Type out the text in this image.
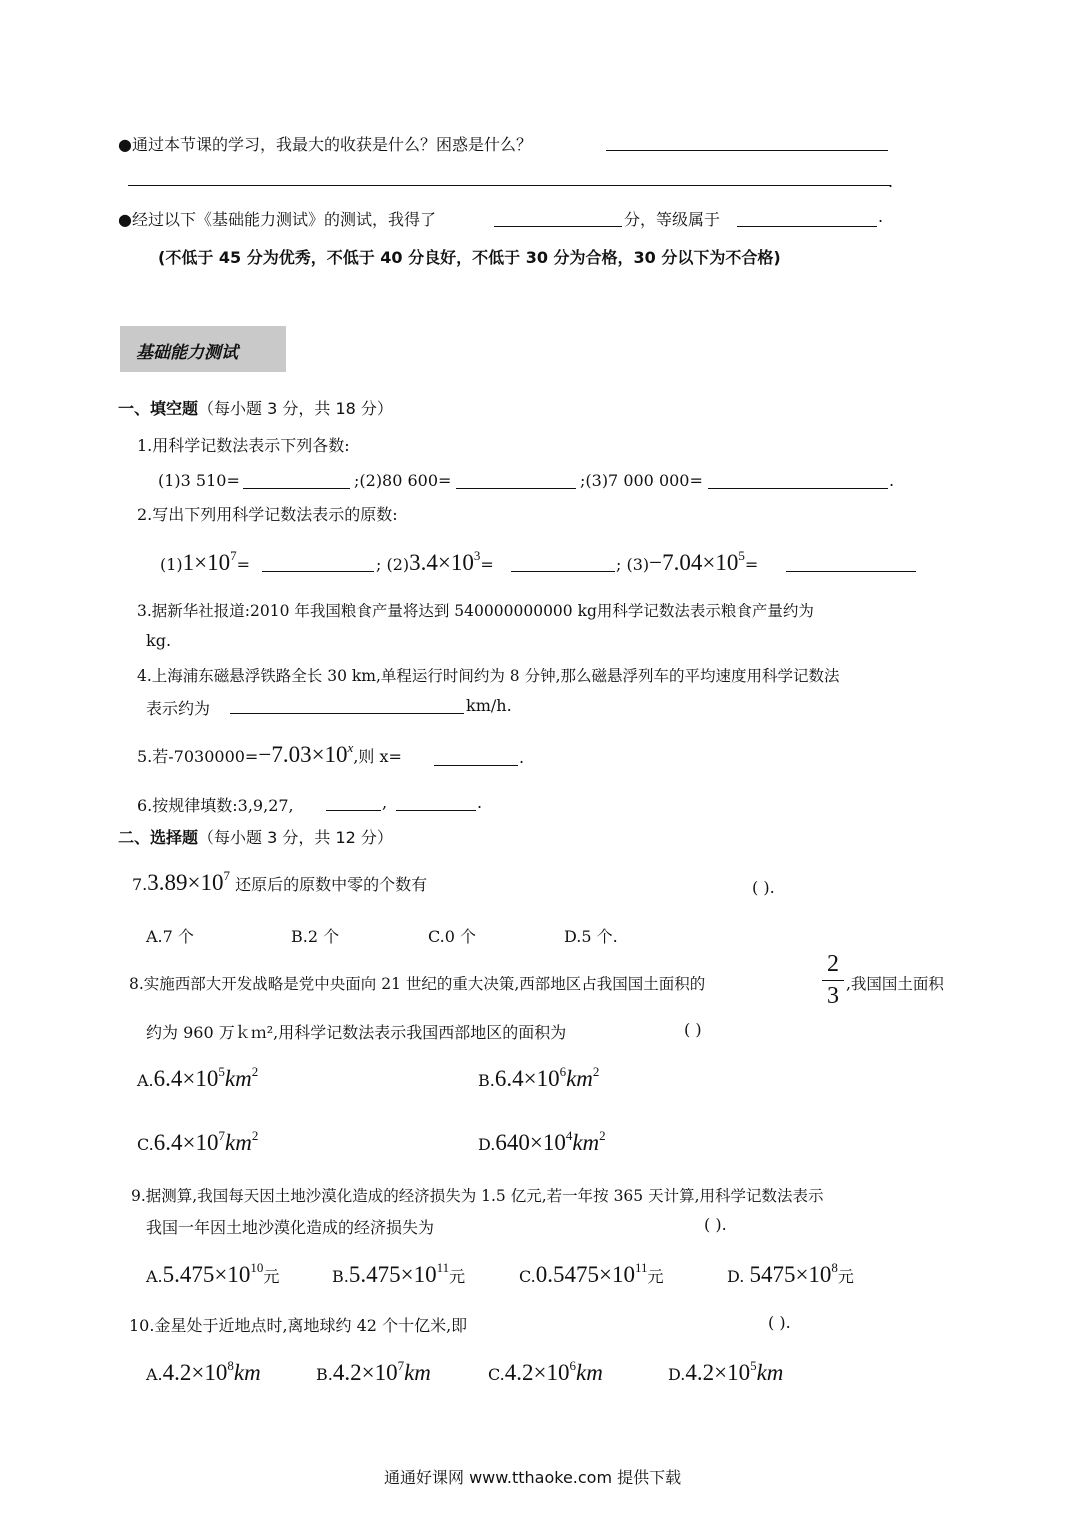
●通过本节课的学习，我最大的收获是什么？困惑是什么？
.
●经过以下《基础能力测试》的测试，我得了	分，等级属于	.
(不低于 45 分为优秀，不低于 40 分良好，不低于 30 分为合格，30 分以下为不合格)
基础能力测试
一、填空题（每小题 3 分，共 18 分）
1.用科学记数法表示下列各数:
(1)3 510=	;(2)80 600=	;(3)7 000 000=	.
2.写出下列用科学记数法表示的原数:
$(1)1\times 10^7=$	; $(2)3.4\times 10^3=$	; $(3)-7.04\times 10^5=$
3.据新华社报道:2010 年我国粮食产量将达到 540000000000 kg用科学记数法表示粮食产量约为
kg.
4.上海浦东磁悬浮铁路全长 30 km,单程运行时间约为 8 分钟,那么磁悬浮列车的平均速度用科学记数法
表示约为	km/h.
5.若$-7030000=-7.03\times 10^x$,则 x=	.
6.按规律填数:3,9,27,	,	.
二、选择题（每小题 3 分，共 12 分）
$7.3.89\times 10^7$ 还原后的原数中零的个数有	( ).
A.7 个	B.2 个	C.0 个	D.5 个.
8.实施西部大开发战略是党中央面向 21 世纪的重大决策,西部地区占我国国土面积的
2
3 ,我国国土面积
约为 960 万ｋｍ²,用科学记数法表示我国西部地区的面积为	( )
$A.6.4\times 10^5km^2$	$B.6.4\times 10^6km^2$
$C.6.4\times 10^7km^2$	$D.640\times 10^4km^2$
9.据测算,我国每天因土地沙漠化造成的经济损失为 1.5 亿元,若一年按 365 天计算,用科学记数法表示
我国一年因土地沙漠化造成的经济损失为	( ).
$A.5.475\times 10^{10}$元	$B.5.475\times 10^{11}$元	$C.0.5475\times 10^{11}$元	D. $5475\times 10^8$元
10.金星处于近地点时,离地球约 42 个十亿米,即	( ).
$A.4.2\times 10^8km$	$B.4.2\times 10^7km$	$C.4.2\times 10^6km$	$D.4.2\times 10^5km$
通通好课网 www.tthaoke.com 提供下载
